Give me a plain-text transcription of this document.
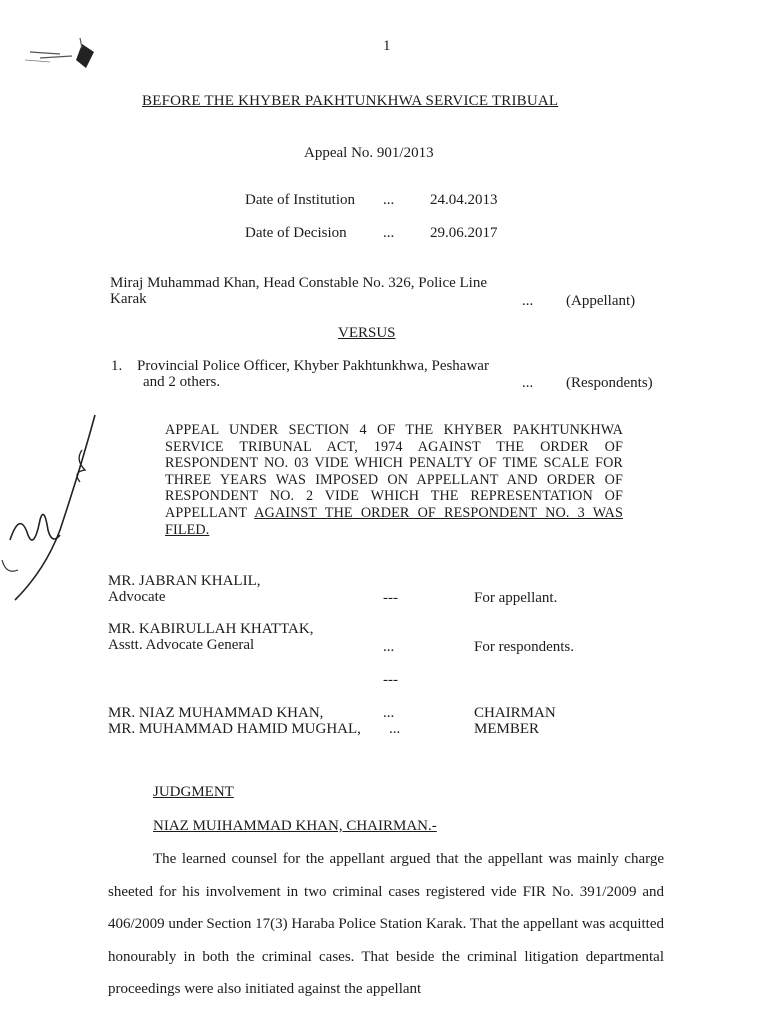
1
BEFORE THE KHYBER PAKHTUNKHWA SERVICE TRIBUAL
Appeal No. 901/2013
Date of Institution ... 24.04.2013
Date of Decision ... 29.06.2017
Miraj Muhammad Khan, Head Constable No. 326, Police Line
Karak	... (Appellant)
VERSUS
1. Provincial Police Officer, Khyber Pakhtunkhwa, Peshawar
and 2 others.	... (Respondents)
APPEAL UNDER SECTION 4 OF THE KHYBER PAKHTUNKHWA SERVICE TRIBUNAL ACT, 1974 AGAINST THE ORDER OF RESPONDENT NO. 03 VIDE WHICH PENALTY OF TIME SCALE FOR THREE YEARS WAS IMPOSED ON APPELLANT AND ORDER OF RESPONDENT NO. 2 VIDE WHICH THE REPRESENTATION OF APPELLANT AGAINST THE ORDER OF RESPONDENT NO. 3 WAS FILED.
MR. JABRAN KHALIL,
Advocate	---	For appellant.
MR. KABIRULLAH KHATTAK,
Asstt. Advocate General	...	For respondents.
---
MR. NIAZ MUHAMMAD KHAN,	...	CHAIRMAN
MR. MUHAMMAD HAMID MUGHAL, ...	MEMBER
JUDGMENT
NIAZ MUIHAMMAD KHAN, CHAIRMAN.-

The learned counsel for the appellant argued that the appellant was mainly charge sheeted for his involvement in two criminal cases registered vide FIR No. 391/2009 and 406/2009 under Section 17(3) Haraba Police Station Karak. That the appellant was acquitted honourably in both the criminal cases. That beside the criminal litigation departmental proceedings were also initiated against the appellant
